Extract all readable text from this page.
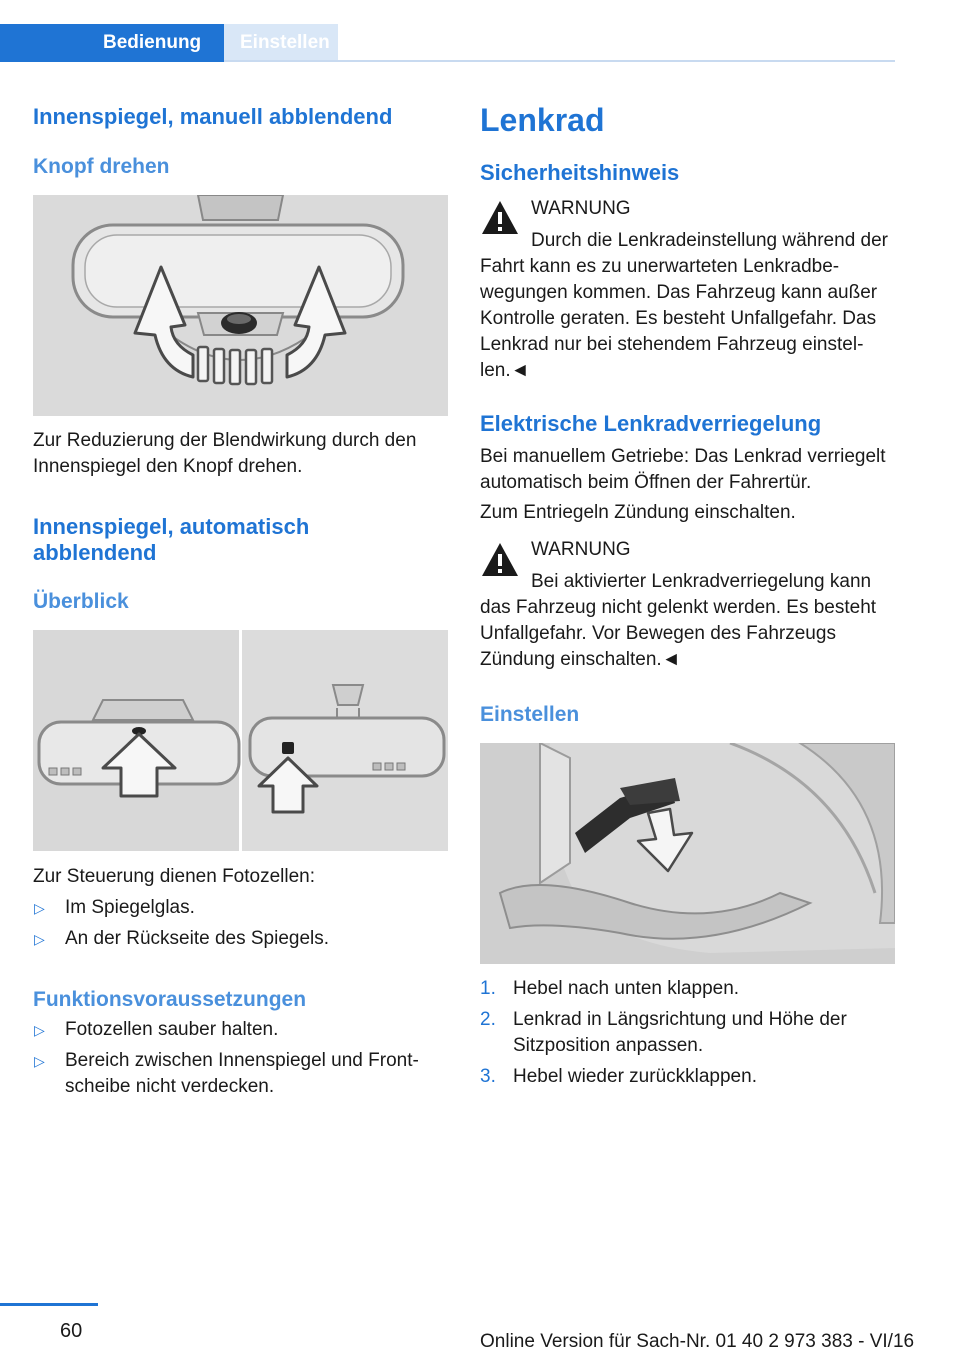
Bedienung	Einstellen
Innenspiegel, manuell abblendend
Knopf drehen
Zur Reduzierung der Blendwirkung durch den Innenspiegel den Knopf drehen.
Innenspiegel, automatisch abblendend
Überblick
Zur Steuerung dienen Fotozellen:
▷ Im Spiegelglas.
▷ An der Rückseite des Spiegels.
Funktionsvoraussetzungen
▷ Fotozellen sauber halten.
▷ Bereich zwischen Innenspiegel und Frontscheibe nicht verdecken.
Lenkrad
Sicherheitshinweis
WARNUNG
Durch die Lenkradeinstellung während der Fahrt kann es zu unerwarteten Lenkradbewegungen kommen. Das Fahrzeug kann außer Kontrolle geraten. Es besteht Unfallgefahr. Das Lenkrad nur bei stehendem Fahrzeug einstellen.◄
Elektrische Lenkradverriegelung
Bei manuellem Getriebe: Das Lenkrad verriegelt automatisch beim Öffnen der Fahrertür.
Zum Entriegeln Zündung einschalten.
WARNUNG
Bei aktivierter Lenkradverriegelung kann das Fahrzeug nicht gelenkt werden. Es besteht Unfallgefahr. Vor Bewegen des Fahrzeugs Zündung einschalten.◄
Einstellen
1. Hebel nach unten klappen.
2. Lenkrad in Längsrichtung und Höhe der Sitzposition anpassen.
3. Hebel wieder zurückklappen.
60	Online Version für Sach-Nr. 01 40 2 973 383 - VI/16
